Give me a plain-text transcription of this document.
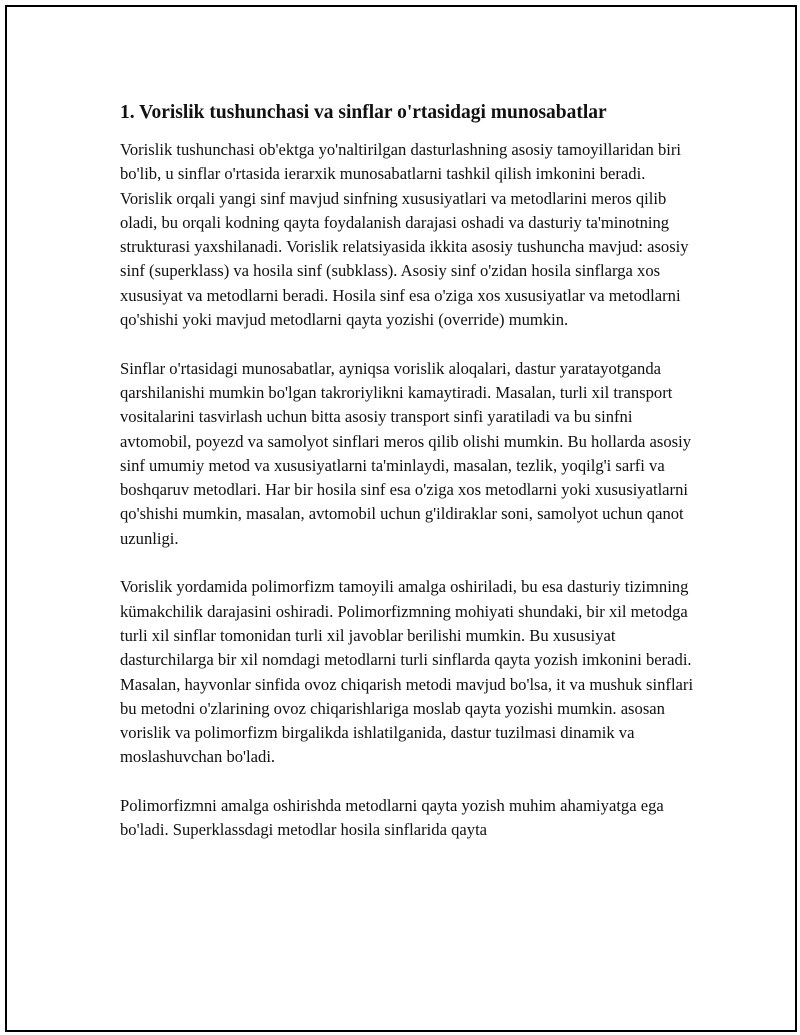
1. Vorislik tushunchasi va sinflar o'rtasidagi munosabatlar

Vorislik tushunchasi ob'ektga yo'naltirilgan dasturlashning asosiy tamoyillaridan biri bo'lib, u sinflar o'rtasida ierarxik munosabatlarni tashkil qilish imkonini beradi. Vorislik orqali yangi sinf mavjud sinfning xususiyatlari va metodlarini meros qilib oladi, bu orqali kodning qayta foydalanish darajasi oshadi va dasturiy ta'minotning strukturasi yaxshilanadi. Vorislik relatsiyasida ikkita asosiy tushuncha mavjud: asosiy sinf (superklass) va hosila sinf (subklass). Asosiy sinf o'zidan hosila sinflarga xos xususiyat va metodlarni beradi. Hosila sinf esa o'ziga xos xususiyatlar va metodlarni qo'shishi yoki mavjud metodlarni qayta yozishi (override) mumkin.

Sinflar o'rtasidagi munosabatlar, ayniqsa vorislik aloqalari, dastur yaratayotganda qarshilanishi mumkin bo'lgan takroriylikni kamaytiradi. Masalan, turli xil transport vositalarini tasvirlash uchun bitta asosiy transport sinfi yaratiladi va bu sinfni avtomobil, poyezd va samolyot sinflari meros qilib olishi mumkin. Bu hollarda asosiy sinf umumiy metod va xususiyatlarni ta'minlaydi, masalan, tezlik, yoqilg'i sarfi va boshqaruv metodlari. Har bir hosila sinf esa o'ziga xos metodlarni yoki xususiyatlarni qo'shishi mumkin, masalan, avtomobil uchun g'ildiraklar soni, samolyot uchun qanot uzunligi.

Vorislik yordamida polimorfizm tamoyili amalga oshiriladi, bu esa dasturiy tizimning kümakchilik darajasini oshiradi. Polimorfizmning mohiyati shundaki, bir xil metodga turli xil sinflar tomonidan turli xil javoblar berilishi mumkin. Bu xususiyat dasturchilarga bir xil nomdagi metodlarni turli sinflarda qayta yozish imkonini beradi. Masalan, hayvonlar sinfida ovoz chiqarish metodi mavjud bo'lsa, it va mushuk sinflari bu metodni o'zlarining ovoz chiqarishlariga moslab qayta yozishi mumkin. asosan vorislik va polimorfizm birgalikda ishlatilganida, dastur tuzilmasi dinamik va moslashuvchan bo'ladi.

Polimorfizmni amalga oshirishda metodlarni qayta yozish muhim ahamiyatga ega bo'ladi. Superklassdagi metodlar hosila sinflarida qayta
